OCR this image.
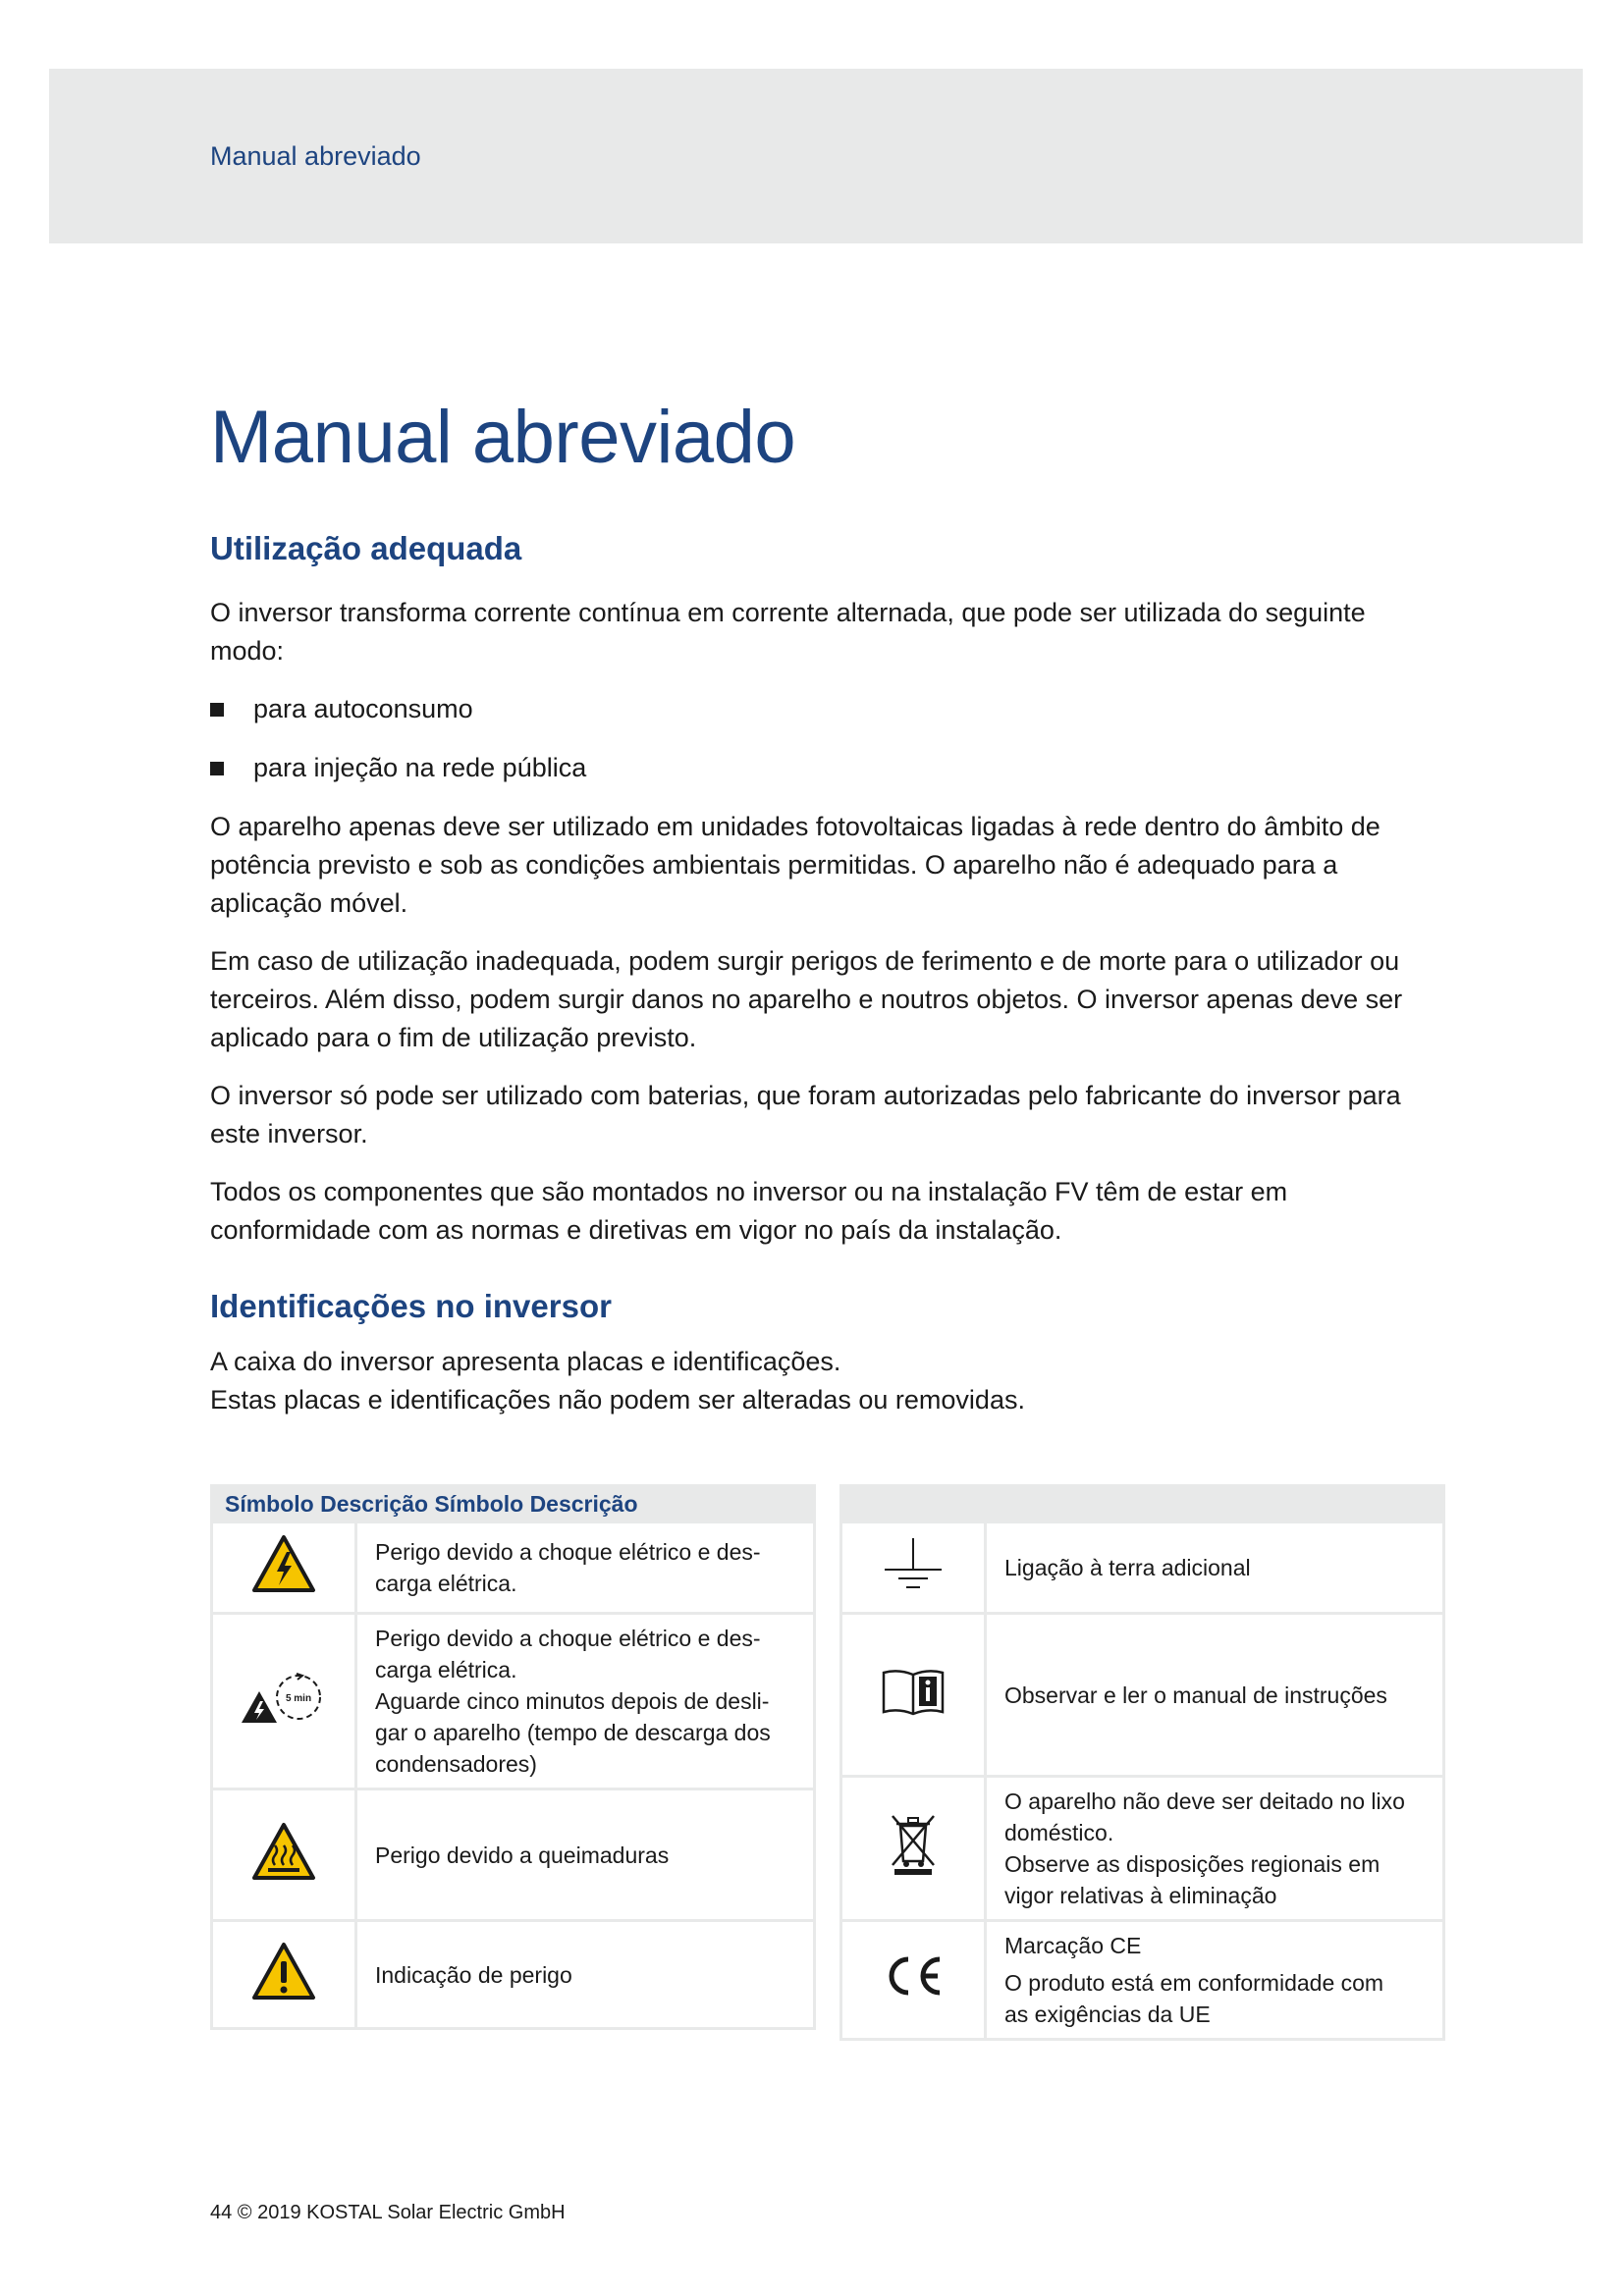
Manual abreviado
Manual abreviado
Utilização adequada

O inversor transforma corrente contínua em corrente alternada, que pode ser utilizada do seguinte modo:

para autoconsumo
para injeção na rede pública

O aparelho apenas deve ser utilizado em unidades fotovoltaicas ligadas à rede dentro do âmbito de potência previsto e sob as condições ambientais permitidas. O aparelho não é adequado para a aplicação móvel.

Em caso de utilização inadequada, podem surgir perigos de ferimento e de morte para o utilizador ou terceiros. Além disso, podem surgir danos no aparelho e noutros objetos. O inversor apenas deve ser aplicado para o fim de utilização previsto.

O inversor só pode ser utilizado com baterias, que foram autorizadas pelo fabricante do inversor para este inversor.

Todos os componentes que são montados no inversor ou na instalação FV têm de estar em conformidade com as normas e diretivas em vigor no país da instalação.

Identificações no inversor

A caixa do inversor apresenta placas e identificações.
Estas placas e identificações não podem ser alteradas ou removidas.

Símbolo Descrição Símbolo Descrição	

Perigo devido a choque elétrico e des-
carga elétrica.

5 min	Perigo devido a choque elétrico e des-
carga elétrica.
Aguarde cinco minutos depois de desli-
gar o aparelho (tempo de descarga dos
condensadores)

Perigo devido a queimaduras

Indicação de perigo

Ligação à terra adicional

Observar e ler o manual de instruções

O aparelho não deve ser deitado no lixo
doméstico.
Observe as disposições regionais em
vigor relativas à eliminação

Marcação CE
O produto está em conformidade com
as exigências da UE
44 © 2019 KOSTAL Solar Electric GmbH
